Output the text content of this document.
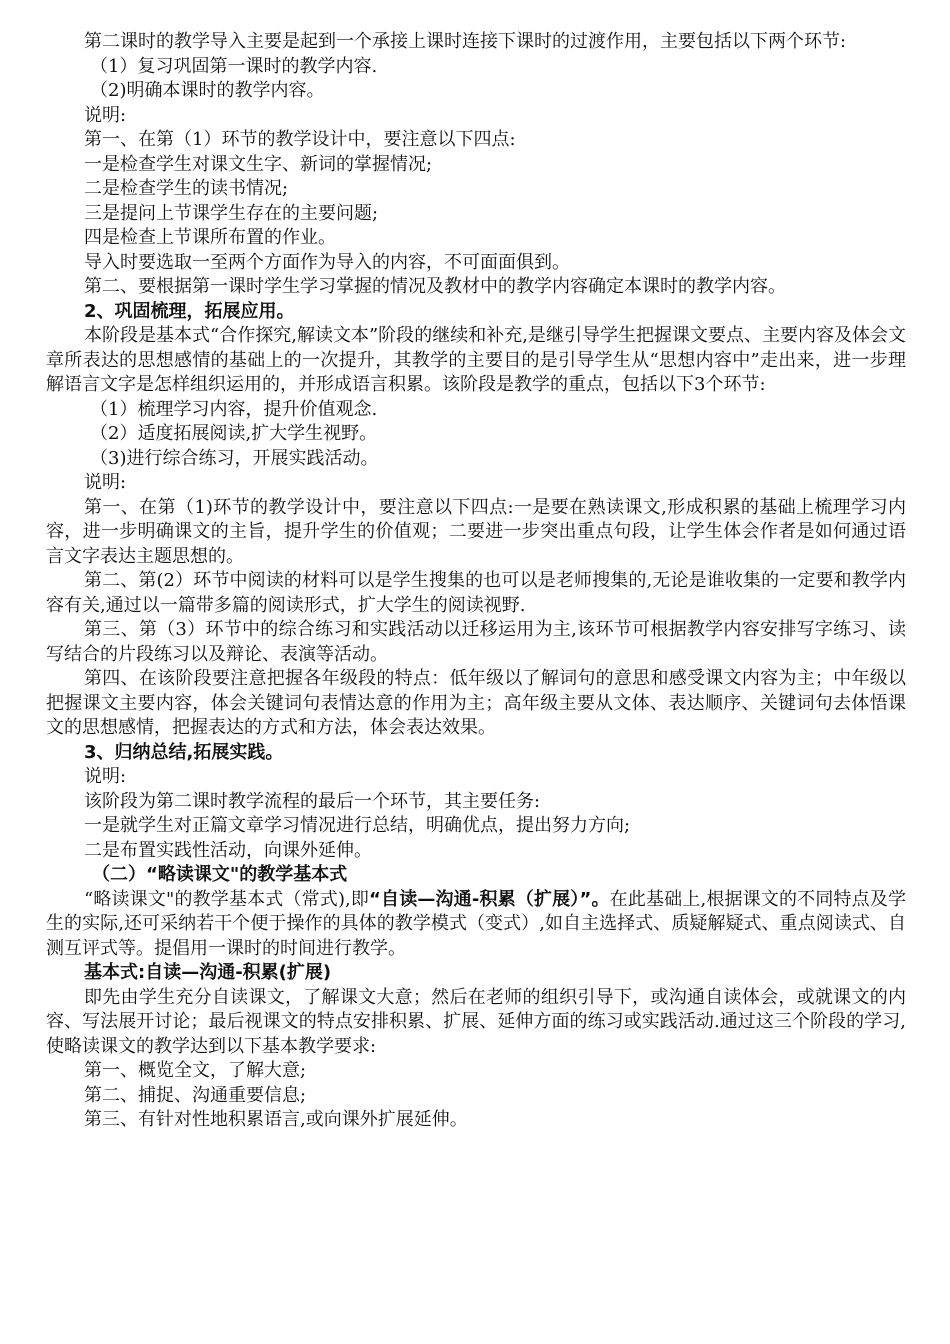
第二课时的教学导入主要是起到一个承接上课时连接下课时的过渡作用，主要包括以下两个环节:

（1）复习巩固第一课时的教学内容.

（2)明确本课时的教学内容。

说明:

第一、在第（1）环节的教学设计中，要注意以下四点:

一是检查学生对课文生字、新词的掌握情况;

二是检查学生的读书情况;

三是提问上节课学生存在的主要问题;

四是检查上节课所布置的作业。

导入时要选取一至两个方面作为导入的内容，不可面面俱到。

第二、要根据第一课时学生学习掌握的情况及教材中的教学内容确定本课时的教学内容。

2、巩固梳理，拓展应用。

本阶段是基本式“合作探究,解读文本”阶段的继续和补充,是继引导学生把握课文要点、主要内容及体会文章所表达的思想感情的基础上的一次提升，其教学的主要目的是引导学生从“思想内容中”走出来，进一步理解语言文字是怎样组织运用的，并形成语言积累。该阶段是教学的重点，包括以下3个环节:

（1）梳理学习内容，提升价值观念.

（2）适度拓展阅读,扩大学生视野。

（3)进行综合练习，开展实践活动。

说明:

第一、在第（1)环节的教学设计中，要注意以下四点:一是要在熟读课文,形成积累的基础上梳理学习内容，进一步明确课文的主旨，提升学生的价值观；二要进一步突出重点句段，让学生体会作者是如何通过语言文字表达主题思想的。

第二、第(2）环节中阅读的材料可以是学生搜集的也可以是老师搜集的,无论是谁收集的一定要和教学内容有关,通过以一篇带多篇的阅读形式，扩大学生的阅读视野.

第三、第（3）环节中的综合练习和实践活动以迁移运用为主,该环节可根据教学内容安排写字练习、读写结合的片段练习以及辩论、表演等活动。

第四、在该阶段要注意把握各年级段的特点：低年级以了解词句的意思和感受课文内容为主；中年级以把握课文主要内容，体会关键词句表情达意的作用为主；高年级主要从文体、表达顺序、关键词句去体悟课文的思想感情，把握表达的方式和方法，体会表达效果。

3、归纳总结,拓展实践。

说明:

该阶段为第二课时教学流程的最后一个环节，其主要任务:

一是就学生对正篇文章学习情况进行总结，明确优点，提出努力方向;

二是布置实践性活动，向课外延伸。

（二）“略读课文"的教学基本式

“略读课文"的教学基本式（常式),即“自读—沟通-积累（扩展）”。在此基础上,根据课文的不同特点及学生的实际,还可采纳若干个便于操作的具体的教学模式（变式）,如自主选择式、质疑解疑式、重点阅读式、自测互评式等。提倡用一课时的时间进行教学。

基本式:自读—沟通-积累(扩展)

即先由学生充分自读课文，了解课文大意；然后在老师的组织引导下，或沟通自读体会，或就课文的内容、写法展开讨论；最后视课文的特点安排积累、扩展、延伸方面的练习或实践活动.通过这三个阶段的学习,使略读课文的教学达到以下基本教学要求:

第一、概览全文，了解大意;

第二、捕捉、沟通重要信息;

第三、有针对性地积累语言,或向课外扩展延伸。
